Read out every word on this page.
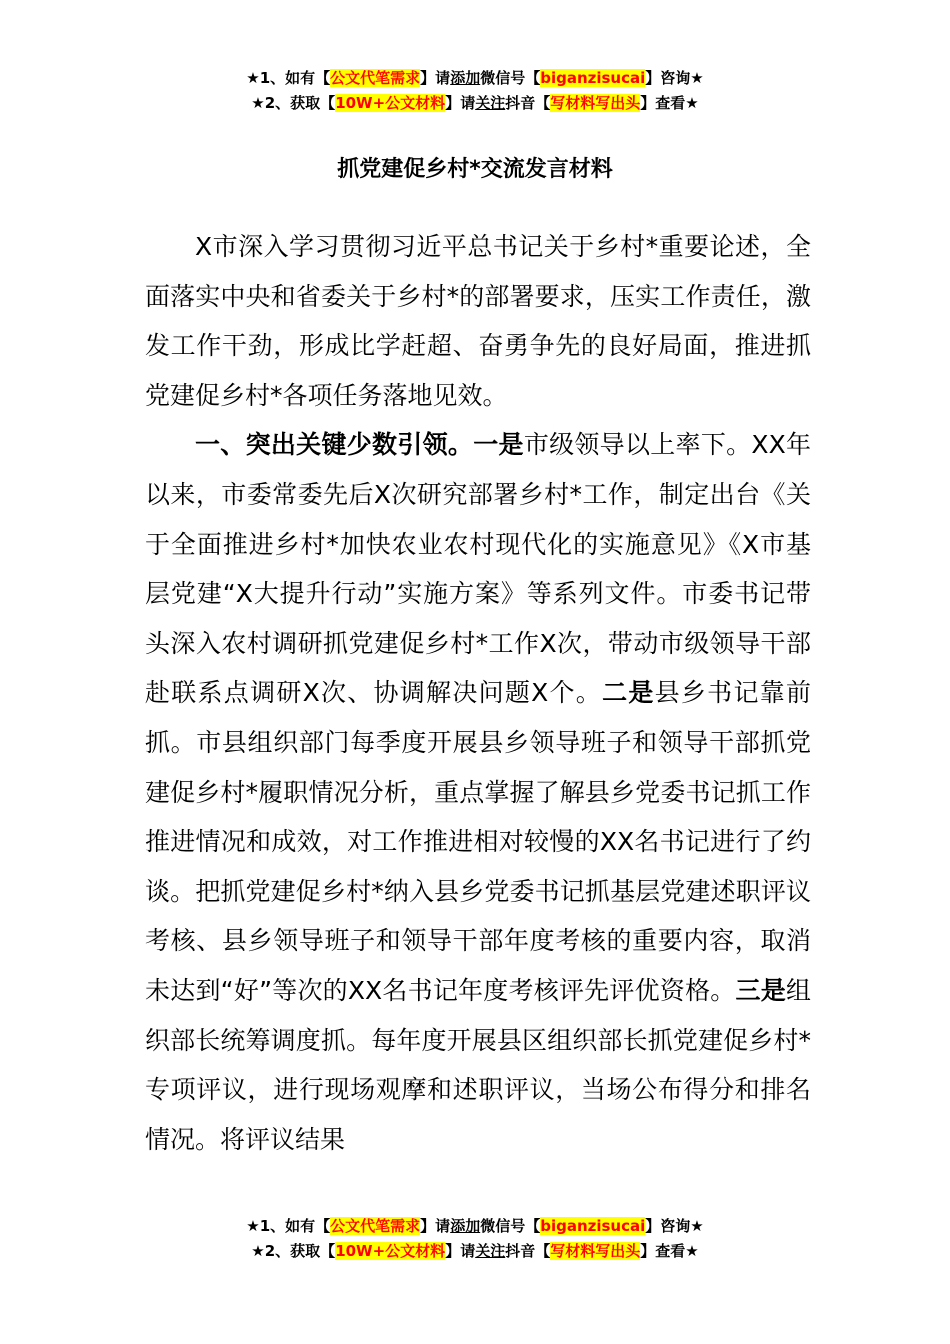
★1、如有【公文代笔需求】请添加微信号【biganzisucai】咨询★
★2、获取【10W+公文材料】请关注抖音【写材料写出头】查看★
抓党建促乡村*交流发言材料

X市深入学习贯彻习近平总书记关于乡村*重要论述，全面落实中央和省委关于乡村*的部署要求，压实工作责任，激发工作干劲，形成比学赶超、奋勇争先的良好局面，推进抓党建促乡村*各项任务落地见效。

一、突出关键少数引领。一是市级领导以上率下。XX年以来，市委常委先后X次研究部署乡村*工作，制定出台《关于全面推进乡村*加快农业农村现代化的实施意见》《X市基层党建“X大提升行动”实施方案》等系列文件。市委书记带头深入农村调研抓党建促乡村*工作X次，带动市级领导干部赴联系点调研X次、协调解决问题X个。二是县乡书记靠前抓。市县组织部门每季度开展县乡领导班子和领导干部抓党建促乡村*履职情况分析，重点掌握了解县乡党委书记抓工作推进情况和成效，对工作推进相对较慢的XX名书记进行了约谈。把抓党建促乡村*纳入县乡党委书记抓基层党建述职评议考核、县乡领导班子和领导干部年度考核的重要内容，取消未达到“好”等次的XX名书记年度考核评先评优资格。三是组织部长统筹调度抓。每年度开展县区组织部长抓党建促乡村*专项评议，进行现场观摩和述职评议，当场公布得分和排名情况。将评议结果

★1、如有【公文代笔需求】请添加微信号【biganzisucai】咨询★
★2、获取【10W+公文材料】请关注抖音【写材料写出头】查看★
